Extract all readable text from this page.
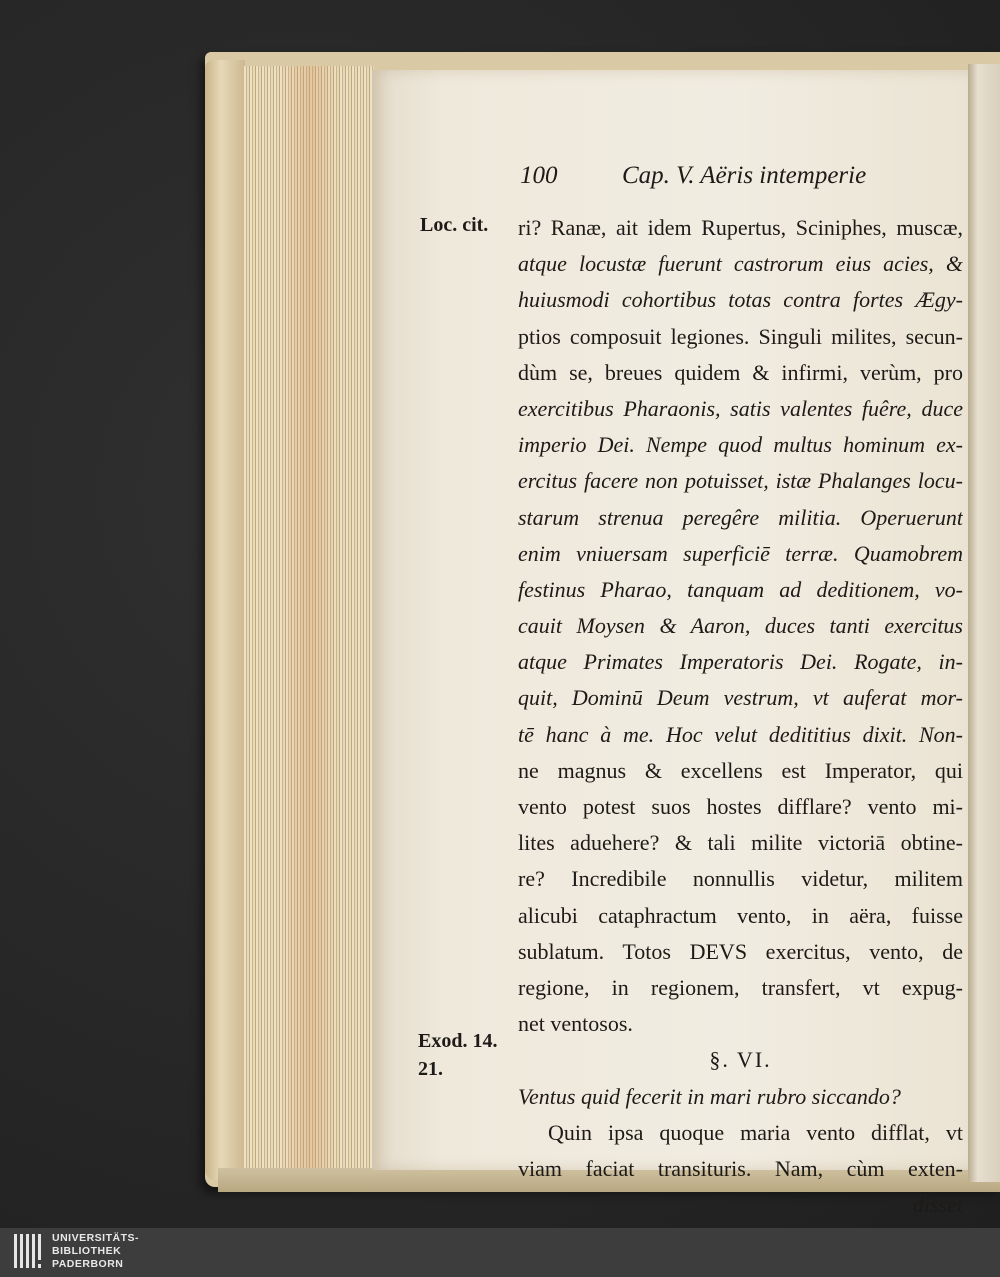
100	Cap. V. Aëris intemperie
Loc. cit.
Exod. 14.
21.
ri? Ranæ, ait idem Rupertus, Sciniphes, muscæ,
atque locustæ fuerunt castrorum eius acies, &
huiusmodi cohortibus totas contra fortes Ægy-
ptios composuit legiones. Singuli milites, secun-
dùm se, breues quidem & infirmi, verùm, pro
exercitibus Pharaonis, satis valentes fuêre, duce
imperio Dei. Nempe quod multus hominum ex-
ercitus facere non potuisset, istæ Phalanges locu-
starum strenua peregêre militia. Operuerunt
enim vniuersam superficiē terræ. Quamobrem
festinus Pharao, tanquam ad deditionem, vo-
cauit Moysen & Aaron, duces tanti exercitus
atque Primates Imperatoris Dei. Rogate, in-
quit, Dominū Deum vestrum, vt auferat mor-
tē hanc à me. Hoc velut dedititius dixit. Non-
ne magnus & excellens est Imperator, qui
vento potest suos hostes difflare? vento mi-
lites aduehere? & tali milite victoriā obtine-
re? Incredibile nonnullis videtur, militem
alicubi cataphractum vento, in aëra, fuisse
sublatum. Totos DEVS exercitus, vento, de
regione, in regionem, transfert, vt expug-
net ventosos.
§. VI.
Ventus quid fecerit in mari rubro siccando?
Quin ipsa quoque maria vento difflat, vt
viam faciat transituris. Nam, cùm exten-
disset
UNIVERSITÄTS-
BIBLIOTHEK
PADERBORN
